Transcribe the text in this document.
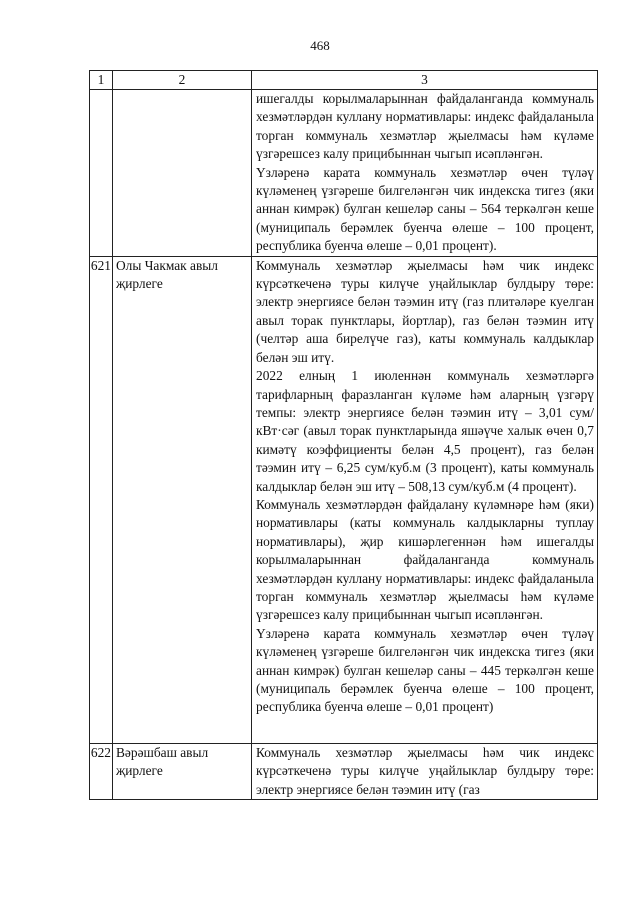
468
1	2	3

		ишегалды корылмаларыннан файдаланганда коммуналь хезмәтләрдән куллану нормативлары: индекс файдаланыла торган коммуналь хезмәтләр җыелмасы һәм күләме үзгәрешсез калу прицибыннан чыгып исәпләнгән.
Үзләренә карата коммуналь хезмәтләр өчен түләү күләменең үзгәреше билгеләнгән чик индекска тигез (яки аннан кимрәк) булган кешеләр саны – 564 теркәлгән кеше (муниципаль берәмлек буенча өлеше – 100 процент, республика буенча өлеше – 0,01 процент).

621	Олы Чакмак авыл җирлеге	Коммуналь хезмәтләр җыелмасы һәм чик индекс күрсәткеченә туры килүче уңайлыклар булдыру төре: электр энергиясе белән тәэмин итү (газ плитәләре куелган авыл торак пунктлары, йортлар), газ белән тәэмин итү (челтәр аша бирелүче газ), каты коммуналь калдыклар белән эш итү.
2022 елның 1 июленнән коммуналь хезмәтләргә тарифларның фаразланган күләме һәм аларның үзгәрү темпы: электр энергиясе белән тәэмин итү – 3,01 сум/кВт·сәг (авыл торак пунктларында яшәүче халык өчен 0,7 кимәтү коэффициенты белән 4,5 процент), газ белән тәэмин итү – 6,25 сум/куб.м (3 процент), каты коммуналь калдыклар белән эш итү – 508,13 сум/куб.м (4 процент).
Коммуналь хезмәтләрдән файдалану күләмнәре һәм (яки) нормативлары (каты коммуналь калдыкларны туплау нормативлары), җир кишәрлегеннән һәм ишегалды корылмаларыннан файдаланганда коммуналь хезмәтләрдән куллану нормативлары: индекс файдаланыла торган коммуналь хезмәтләр җыелмасы һәм күләме үзгәрешсез калу прицибыннан чыгып исәпләнгән.
Үзләренә карата коммуналь хезмәтләр өчен түләү күләменең үзгәреше билгеләнгән чик индекска тигез (яки аннан кимрәк) булган кешеләр саны – 445 теркәлгән кеше (муниципаль берәмлек буенча өлеше – 100 процент, республика буенча өлеше – 0,01 процент)

622	Вәрәшбаш авыл җирлеге	Коммуналь хезмәтләр җыелмасы һәм чик индекс күрсәткеченә туры килүче уңайлыклар булдыру төре: электр энергиясе белән тәэмин итү (газ
